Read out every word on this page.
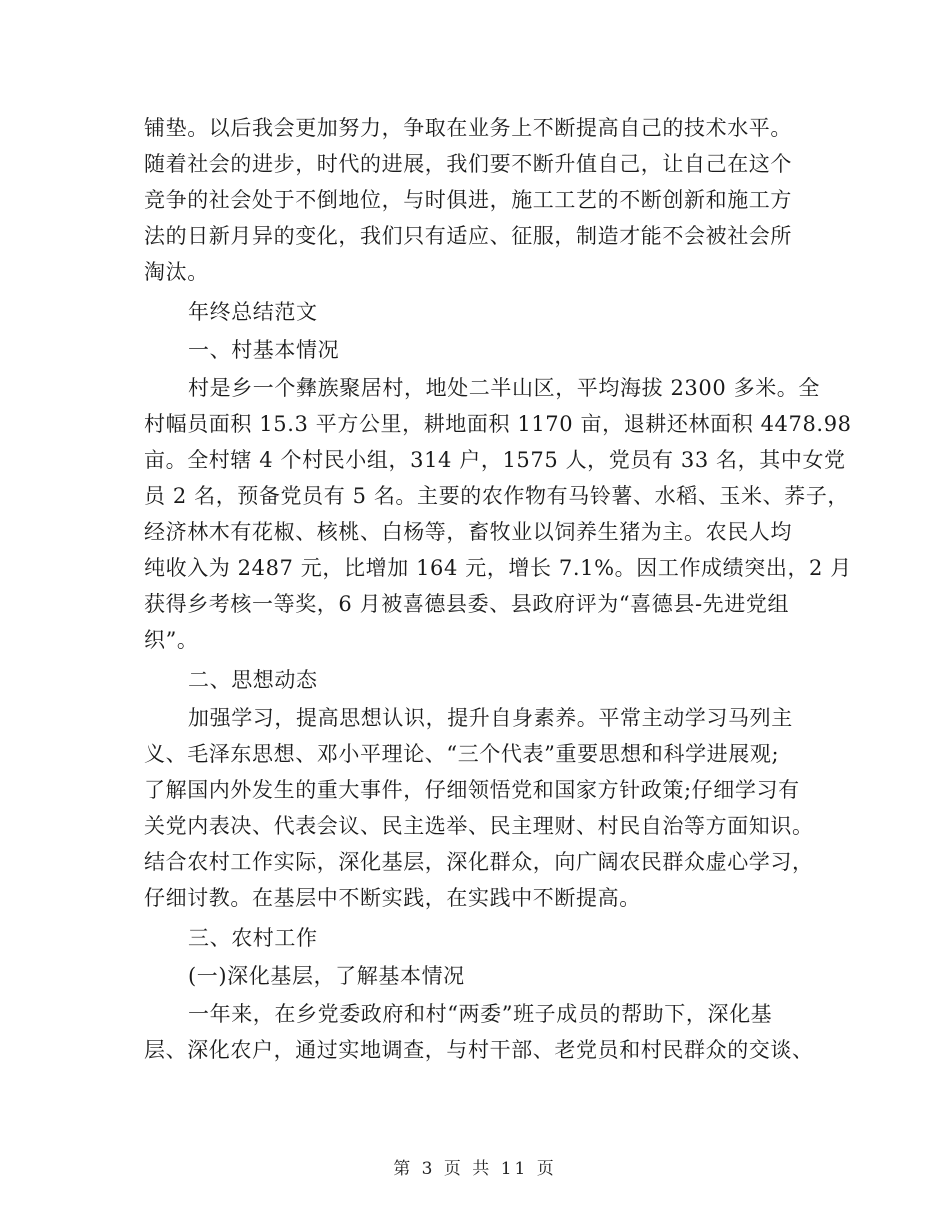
铺垫。以后我会更加努力，争取在业务上不断提高自己的技术水平。
随着社会的进步，时代的进展，我们要不断升值自己，让自己在这个
竞争的社会处于不倒地位，与时俱进，施工工艺的不断创新和施工方
法的日新月异的变化，我们只有适应、征服，制造才能不会被社会所
淘汰。
年终总结范文
一、村基本情况
村是乡一个彝族聚居村，地处二半山区，平均海拔 2300 多米。全
村幅员面积 15.3 平方公里，耕地面积 1170 亩，退耕还林面积 4478.98
亩。全村辖 4 个村民小组，314 户，1575 人，党员有 33 名，其中女党
员 2 名，预备党员有 5 名。主要的农作物有马铃薯、水稻、玉米、荞子，
经济林木有花椒、核桃、白杨等，畜牧业以饲养生猪为主。农民人均
纯收入为 2487 元，比增加 164 元，增长 7.1%。因工作成绩突出，2 月
获得乡考核一等奖，6 月被喜德县委、县政府评为“喜德县-先进党组
织”。
二、思想动态
加强学习，提高思想认识，提升自身素养。平常主动学习马列主
义、毛泽东思想、邓小平理论、“三个代表”重要思想和科学进展观;
了解国内外发生的重大事件，仔细领悟党和国家方针政策;仔细学习有
关党内表决、代表会议、民主选举、民主理财、村民自治等方面知识。
结合农村工作实际，深化基层，深化群众，向广阔农民群众虚心学习，
仔细讨教。在基层中不断实践，在实践中不断提高。
三、农村工作
(一)深化基层，了解基本情况
一年来，在乡党委政府和村“两委”班子成员的帮助下，深化基
层、深化农户，通过实地调查，与村干部、老党员和村民群众的交谈、
第 3 页 共 11 页
